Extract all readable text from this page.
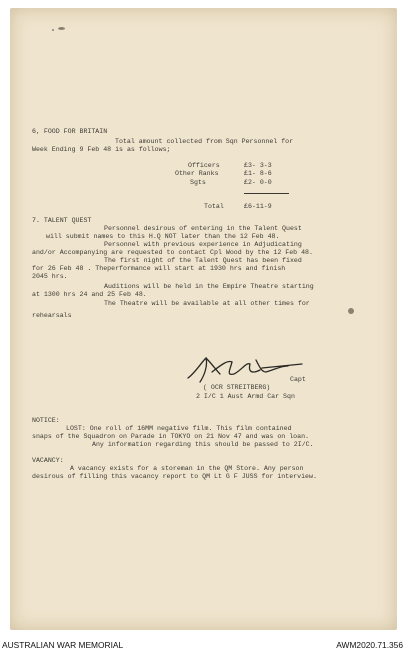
6, FOOD FOR BRITAIN
Total amount collected from Sqn Personnel for
Week Ending 9 Feb 48 is as follows;
Officers	£3- 3-3
Other Ranks	£1- 8-6
Sgts	£2- 0-0
Total	£6-11-9
7. TALENT QUEST
Personnel desirous of entering in the Talent Quest
will submit names to this H.Q NOT later than the 12 Feb 48.
Personnel with previous experience in Adjudicating
and/or Accompanying are requested to contact Cpl Wood by the 12 Feb 48.
The first night of the Talent Quest has been fixed
for 26 Feb 48 . Theperformance will start at 1930 hrs and finish
2045 hrs.
Auditions will be held in the Empire Theatre starting
at 1300 hrs 24 and 25 Feb 48.
The Theatre will be available at all other times for
rehearsals
Capt
( OCR STREITBERG)
2 I/C 1 Aust Armd Car Sqn
NOTICE:
LOST: One roll of 16MM negative film. This film contained
snaps of the Squadron on Parade in TOKYO on 21 Nov 47 and was on loan.
Any information regarding this should be passed to 2I/C.
VACANCY:
A vacancy exists for a storeman in the QM Store. Any person
desirous of filling this vacancy report to QM Lt G F JUSS for interview.
AUSTRALIAN WAR MEMORIAL	AWM2020.71.356
